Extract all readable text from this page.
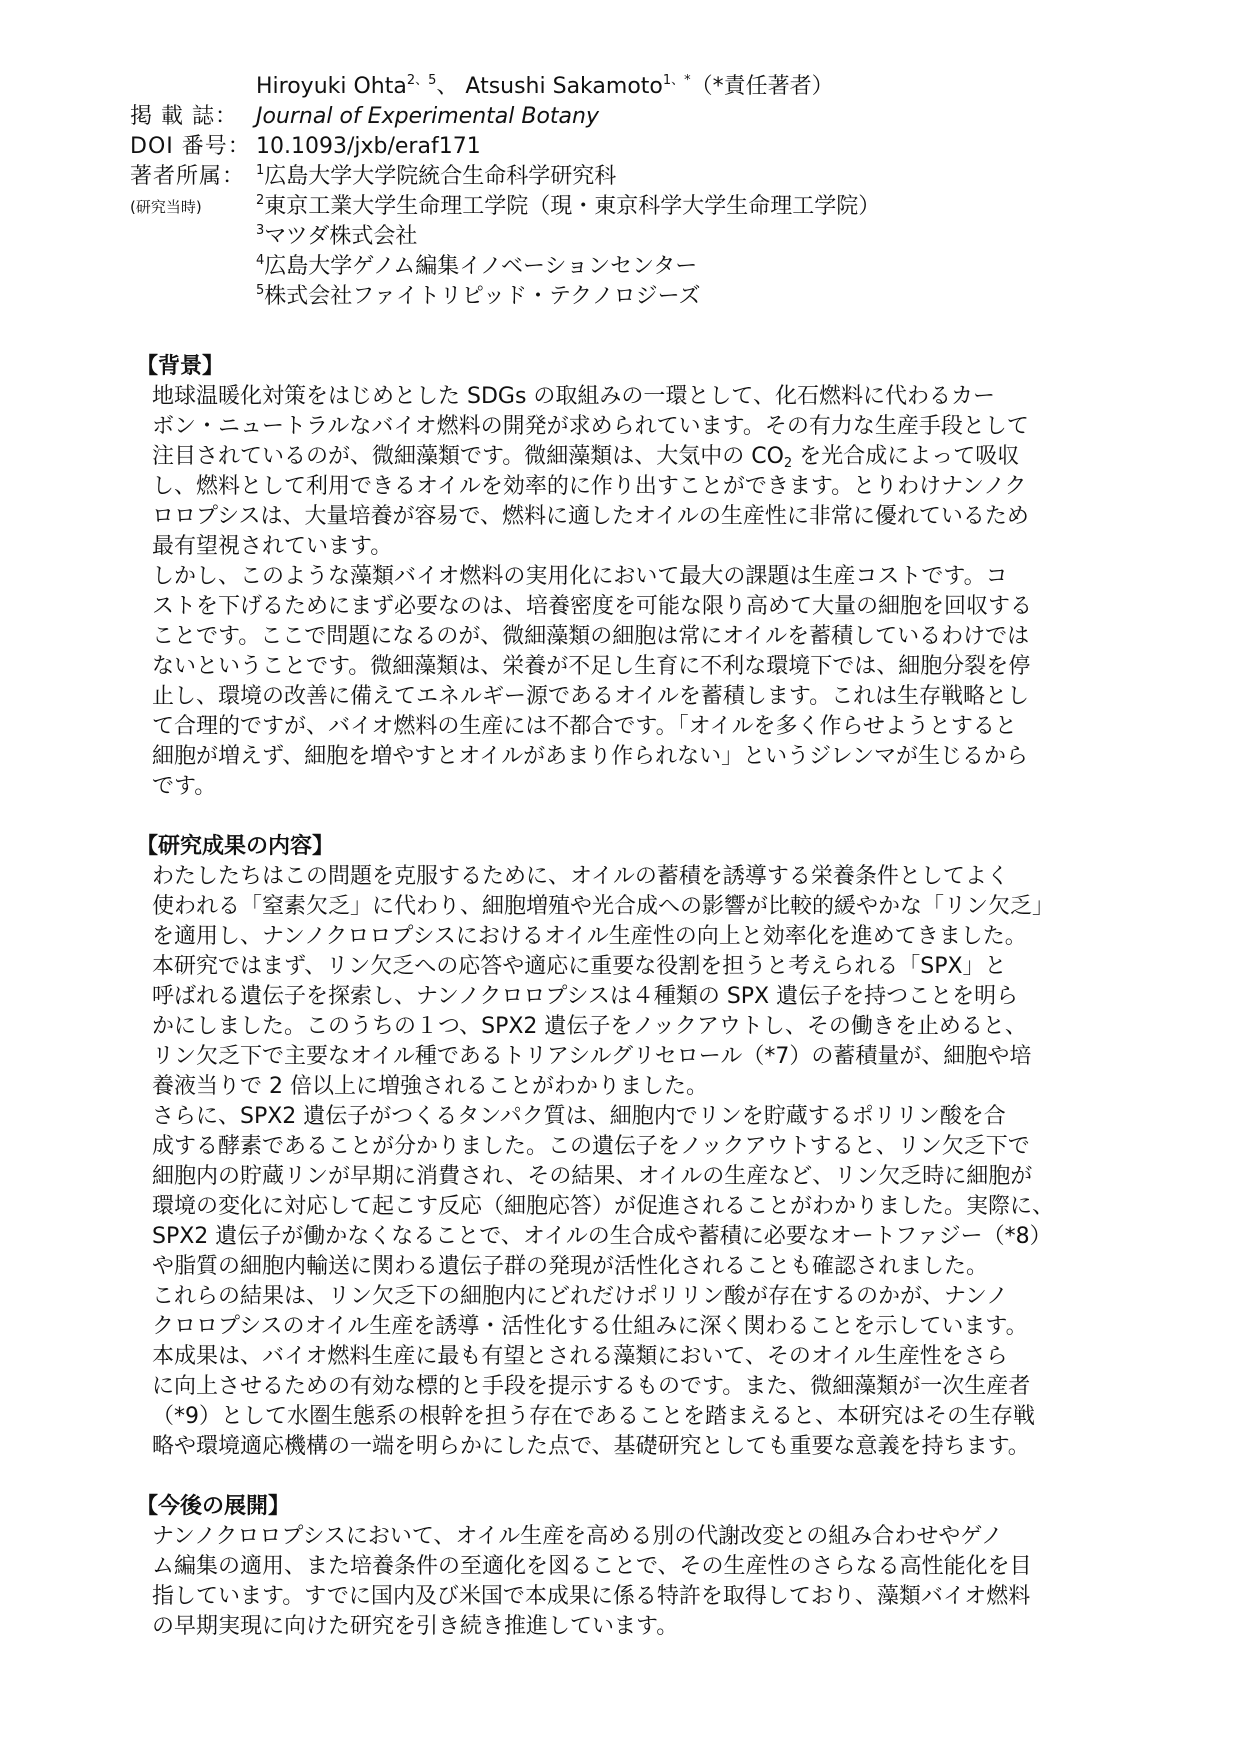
Hiroyuki Ohta$^{2、5}$、 Atsushi Sakamoto$^{1、*}$（*責任著者）
掲 載 誌： Journal of Experimental Botany
DOI 番号： 10.1093/jxb/eraf171
著者所属： $^1$広島大学大学院統合生命科学研究科
(研究当時)	$^2$東京工業大学生命理工学院（現・東京科学大学生命理工学院）
$^3$マツダ株式会社
$^4$広島大学ゲノム編集イノベーションセンター
$^5$株式会社ファイトリピッド・テクノロジーズ
【背景】

地球温暖化対策をはじめとした SDGs の取組みの一環として、化石燃料に代わるカー
ボン・ニュートラルなバイオ燃料の開発が求められています。その有力な生産手段として
注目されているのが、微細藻類です。微細藻類は、大気中の $CO_2$ を光合成によって吸収
し、燃料として利用できるオイルを効率的に作り出すことができます。とりわけナンノク
ロロプシスは、大量培養が容易で、燃料に適したオイルの生産性に非常に優れているため
最有望視されています。

しかし、このような藻類バイオ燃料の実用化において最大の課題は生産コストです。コ
ストを下げるためにまず必要なのは、培養密度を可能な限り高めて大量の細胞を回収する
ことです。ここで問題になるのが、微細藻類の細胞は常にオイルを蓄積しているわけでは
ないということです。微細藻類は、栄養が不足し生育に不利な環境下では、細胞分裂を停
止し、環境の改善に備えてエネルギー源であるオイルを蓄積します。これは生存戦略とし
て合理的ですが、バイオ燃料の生産には不都合です。「オイルを多く作らせようとすると
細胞が増えず、細胞を増やすとオイルがあまり作られない」というジレンマが生じるから
です。

【研究成果の内容】

わたしたちはこの問題を克服するために、オイルの蓄積を誘導する栄養条件としてよく
使われる「窒素欠乏」に代わり、細胞増殖や光合成への影響が比較的緩やかな「リン欠乏」
を適用し、ナンノクロロプシスにおけるオイル生産性の向上と効率化を進めてきました。

本研究ではまず、リン欠乏への応答や適応に重要な役割を担うと考えられる「SPX」と
呼ばれる遺伝子を探索し、ナンノクロロプシスは４種類の SPX 遺伝子を持つことを明ら
かにしました。このうちの１つ、SPX2 遺伝子をノックアウトし、その働きを止めると、
リン欠乏下で主要なオイル種であるトリアシルグリセロール（*7）の蓄積量が、細胞や培
養液当りで 2 倍以上に増強されることがわかりました。

さらに、SPX2 遺伝子がつくるタンパク質は、細胞内でリンを貯蔵するポリリン酸を合
成する酵素であることが分かりました。この遺伝子をノックアウトすると、リン欠乏下で
細胞内の貯蔵リンが早期に消費され、その結果、オイルの生産など、リン欠乏時に細胞が
環境の変化に対応して起こす反応（細胞応答）が促進されることがわかりました。実際に、
SPX2 遺伝子が働かなくなることで、オイルの生合成や蓄積に必要なオートファジー（*8）
や脂質の細胞内輸送に関わる遺伝子群の発現が活性化されることも確認されました。

これらの結果は、リン欠乏下の細胞内にどれだけポリリン酸が存在するのかが、ナンノ
クロロプシスのオイル生産を誘導・活性化する仕組みに深く関わることを示しています。

本成果は、バイオ燃料生産に最も有望とされる藻類において、そのオイル生産性をさら
に向上させるための有効な標的と手段を提示するものです。また、微細藻類が一次生産者
（*9）として水圏生態系の根幹を担う存在であることを踏まえると、本研究はその生存戦
略や環境適応機構の一端を明らかにした点で、基礎研究としても重要な意義を持ちます。

【今後の展開】

ナンノクロロプシスにおいて、オイル生産を高める別の代謝改変との組み合わせやゲノ
ム編集の適用、また培養条件の至適化を図ることで、その生産性のさらなる高性能化を目
指しています。すでに国内及び米国で本成果に係る特許を取得しており、藻類バイオ燃料
の早期実現に向けた研究を引き続き推進しています。
